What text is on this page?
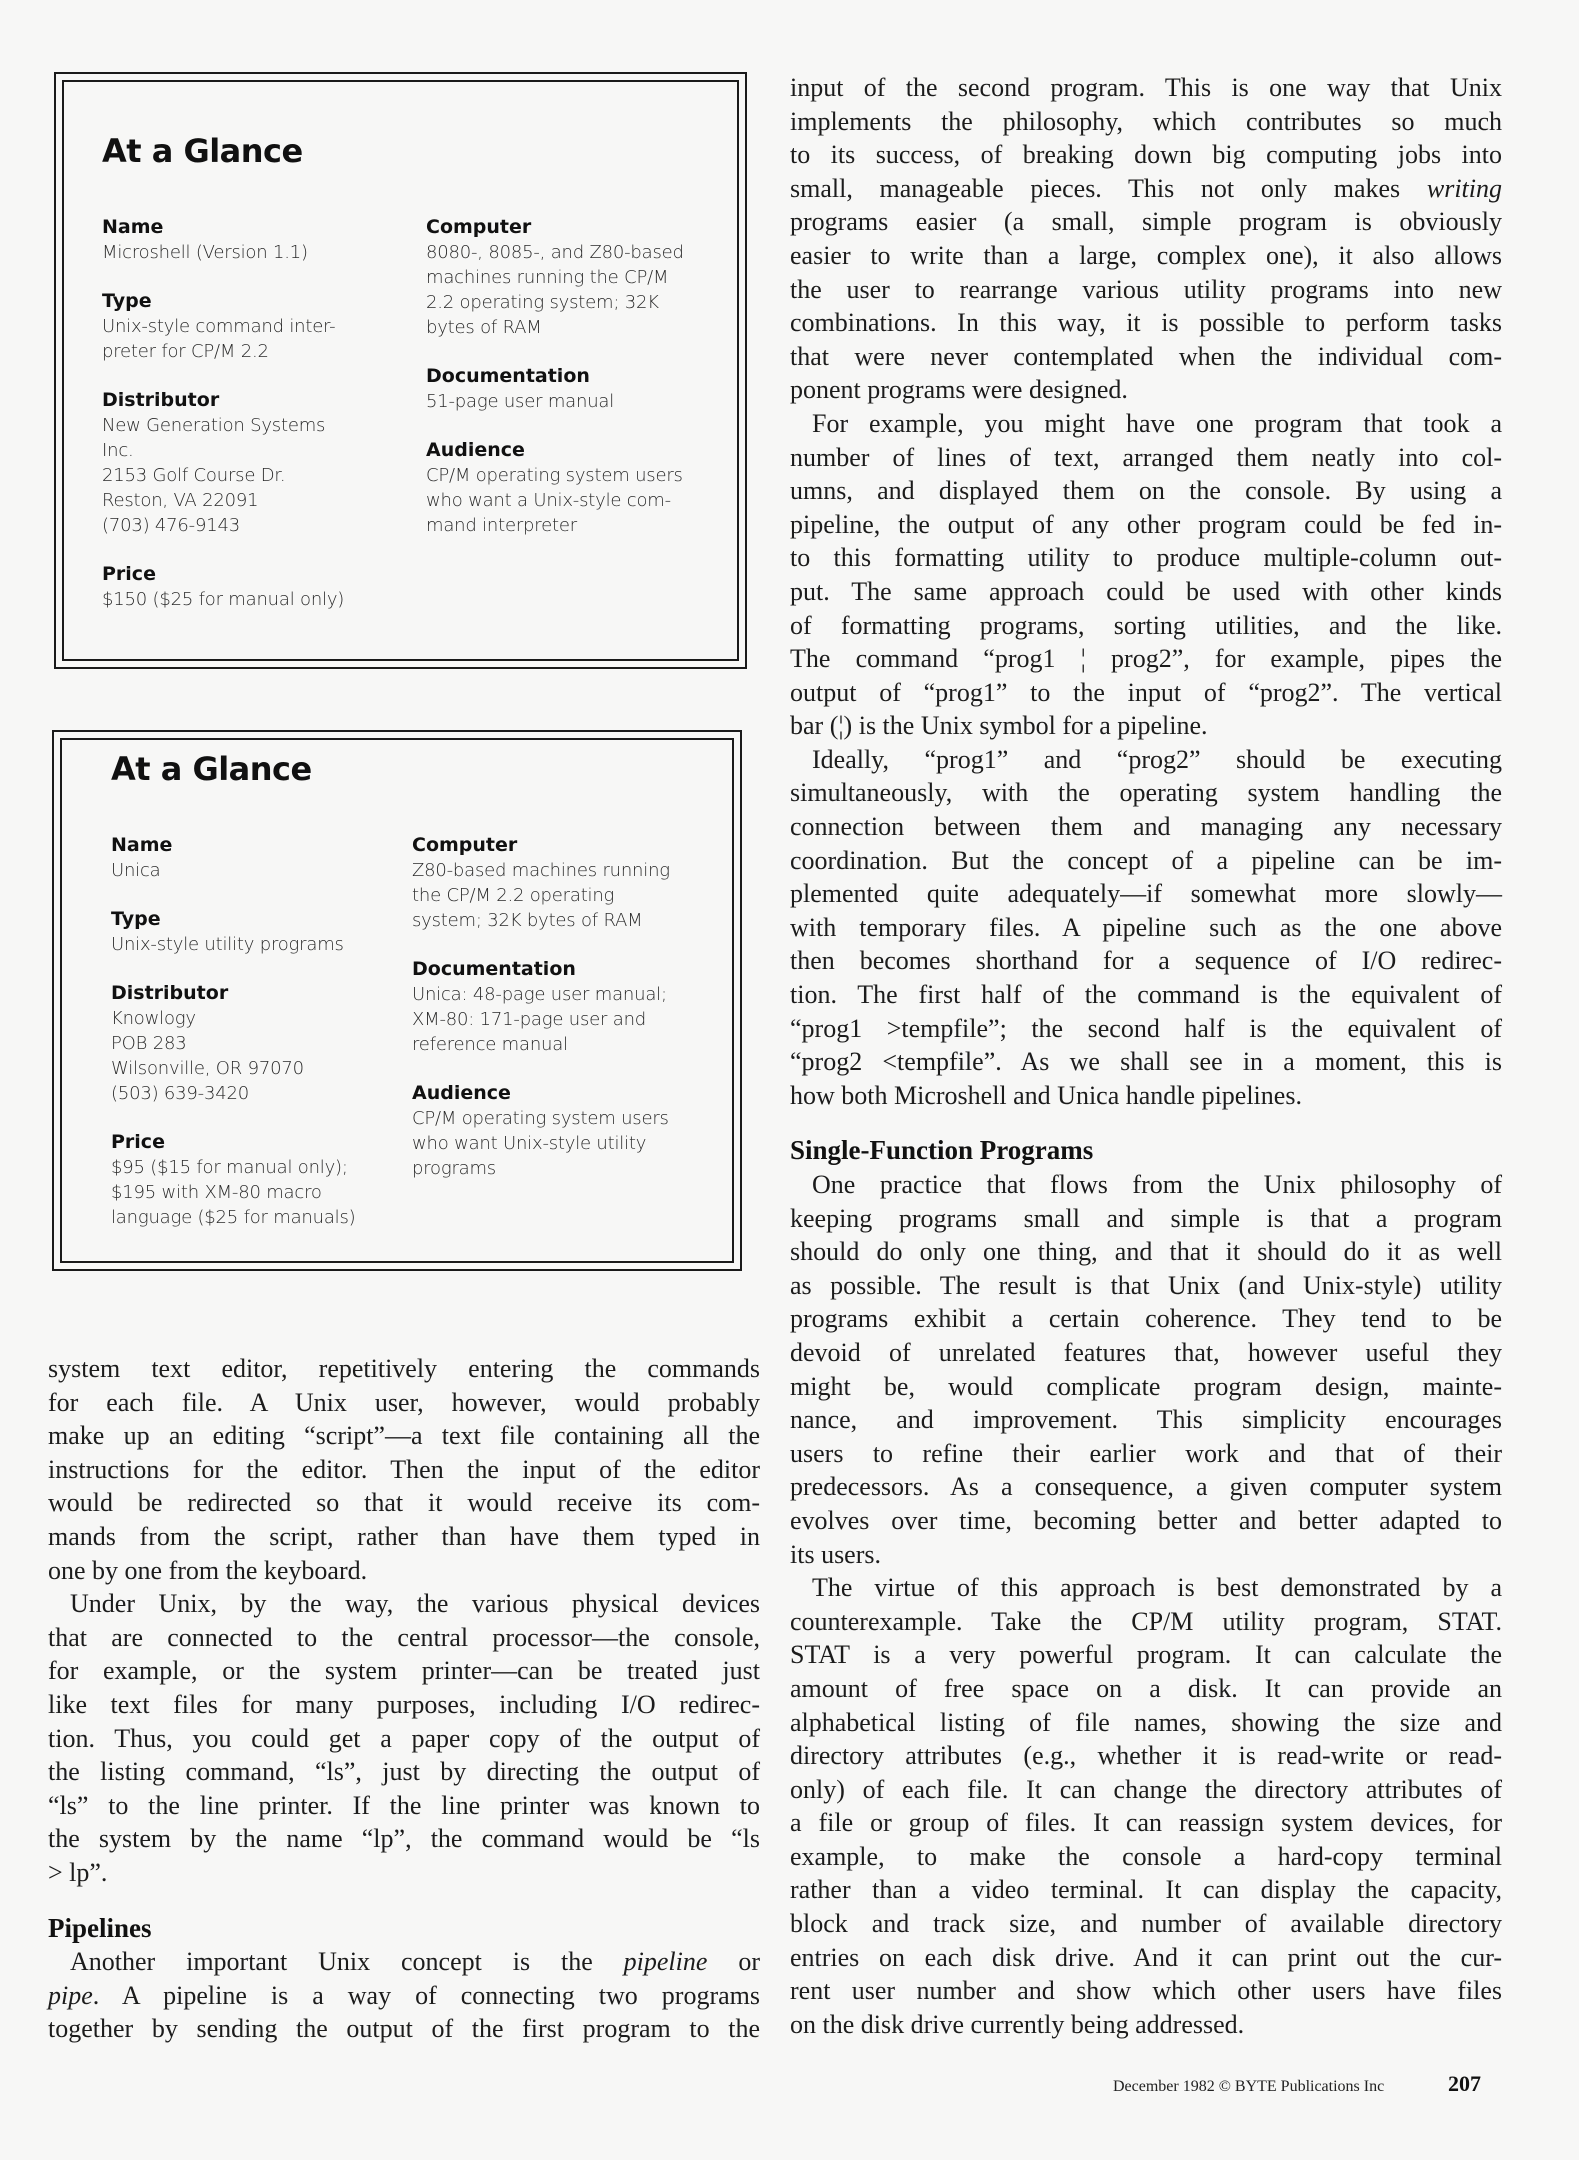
At a Glance
Name
Microshell (Version 1.1)
Type
Unix-style command inter-
preter for CP/M 2.2
Distributor
New Generation Systems
Inc.
2153 Golf Course Dr.
Reston, VA 22091
(703) 476-9143
Price
$150 ($25 for manual only)
Computer
8080-, 8085-, and Z80-based
machines running the CP/M
2.2 operating system; 32K
bytes of RAM
Documentation
51-page user manual
Audience
CP/M operating system users
who want a Unix-style com-
mand interpreter
At a Glance
Name
Unica
Type
Unix-style utility programs
Distributor
Knowlogy
POB 283
Wilsonville, OR 97070
(503) 639-3420
Price
$95 ($15 for manual only);
$195 with XM-80 macro
language ($25 for manuals)
Computer
Z80-based machines running
the CP/M 2.2 operating
system; 32K bytes of RAM
Documentation
Unica: 48-page user manual;
XM-80: 171-page user and
reference manual
Audience
CP/M operating system users
who want Unix-style utility
programs
system text editor, repetitively entering the commands
for each file. A Unix user, however, would probably
make up an editing “script”—a text file containing all the
instructions for the editor. Then the input of the editor
would be redirected so that it would receive its com-
mands from the script, rather than have them typed in
one by one from the keyboard.
Under Unix, by the way, the various physical devices
that are connected to the central processor—the console,
for example, or the system printer—can be treated just
like text files for many purposes, including I/O redirec-
tion. Thus, you could get a paper copy of the output of
the listing command, “ls”, just by directing the output of
“ls” to the line printer. If the line printer was known to
the system by the name “lp”, the command would be “ls
> lp”.
Pipelines
Another important Unix concept is the pipeline or
pipe. A pipeline is a way of connecting two programs
together by sending the output of the first program to the
input of the second program. This is one way that Unix
implements the philosophy, which contributes so much
to its success, of breaking down big computing jobs into
small, manageable pieces. This not only makes writing
programs easier (a small, simple program is obviously
easier to write than a large, complex one), it also allows
the user to rearrange various utility programs into new
combinations. In this way, it is possible to perform tasks
that were never contemplated when the individual com-
ponent programs were designed.
For example, you might have one program that took a
number of lines of text, arranged them neatly into col-
umns, and displayed them on the console. By using a
pipeline, the output of any other program could be fed in-
to this formatting utility to produce multiple-column out-
put. The same approach could be used with other kinds
of formatting programs, sorting utilities, and the like.
The command “prog1 ¦ prog2”, for example, pipes the
output of “prog1” to the input of “prog2”. The vertical
bar (¦) is the Unix symbol for a pipeline.
Ideally, “prog1” and “prog2” should be executing
simultaneously, with the operating system handling the
connection between them and managing any necessary
coordination. But the concept of a pipeline can be im-
plemented quite adequately—if somewhat more slowly—
with temporary files. A pipeline such as the one above
then becomes shorthand for a sequence of I/O redirec-
tion. The first half of the command is the equivalent of
“prog1 >tempfile”; the second half is the equivalent of
“prog2 <tempfile”. As we shall see in a moment, this is
how both Microshell and Unica handle pipelines.
Single-Function Programs
One practice that flows from the Unix philosophy of
keeping programs small and simple is that a program
should do only one thing, and that it should do it as well
as possible. The result is that Unix (and Unix-style) utility
programs exhibit a certain coherence. They tend to be
devoid of unrelated features that, however useful they
might be, would complicate program design, mainte-
nance, and improvement. This simplicity encourages
users to refine their earlier work and that of their
predecessors. As a consequence, a given computer system
evolves over time, becoming better and better adapted to
its users.
The virtue of this approach is best demonstrated by a
counterexample. Take the CP/M utility program, STAT.
STAT is a very powerful program. It can calculate the
amount of free space on a disk. It can provide an
alphabetical listing of file names, showing the size and
directory attributes (e.g., whether it is read-write or read-
only) of each file. It can change the directory attributes of
a file or group of files. It can reassign system devices, for
example, to make the console a hard-copy terminal
rather than a video terminal. It can display the capacity,
block and track size, and number of available directory
entries on each disk drive. And it can print out the cur-
rent user number and show which other users have files
on the disk drive currently being addressed.
December 1982 © BYTE Publications Inc	207
